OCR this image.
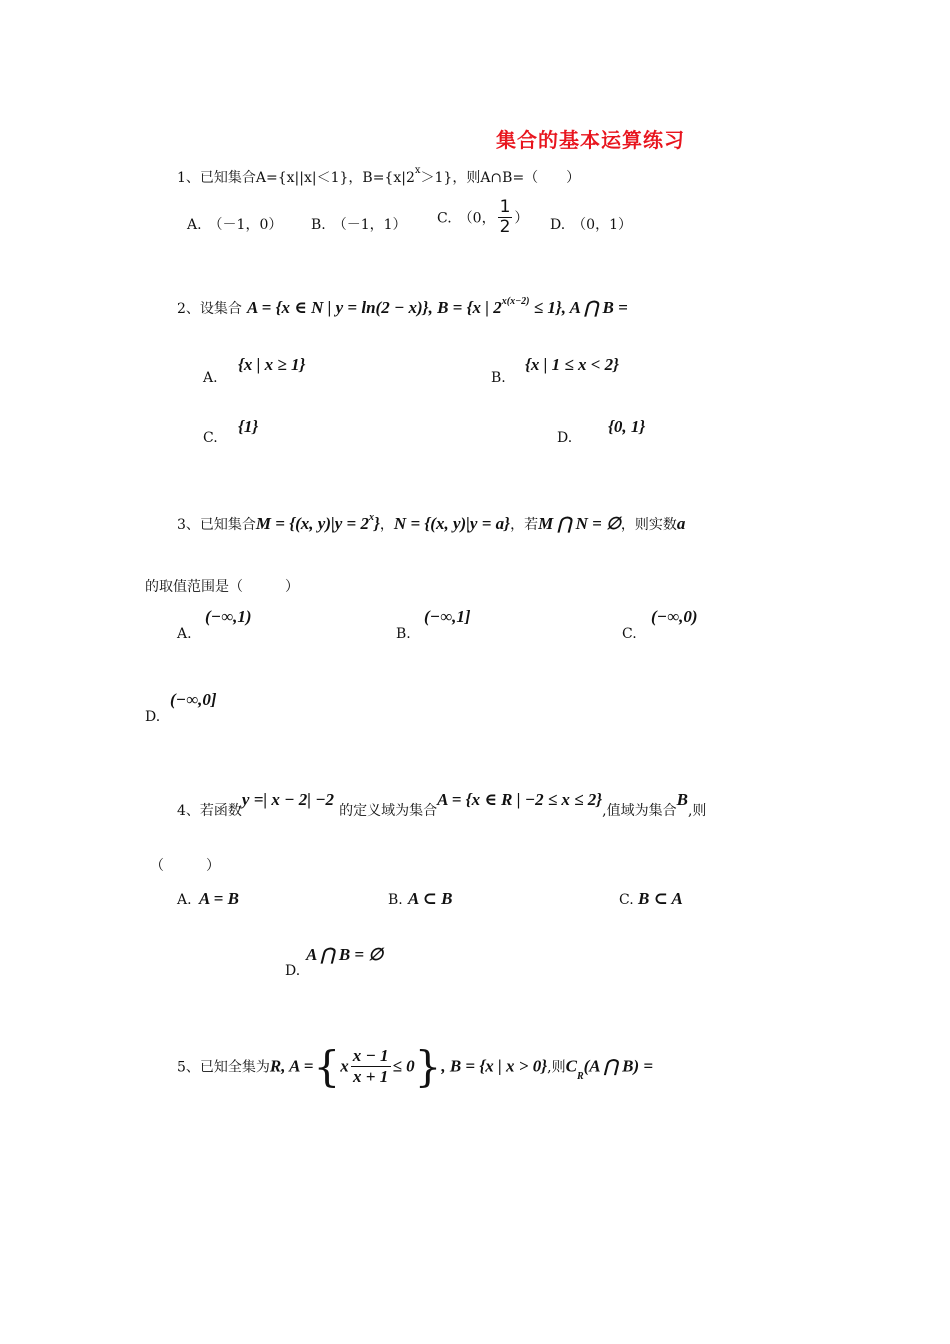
集合的基本运算练习
1、已知集合A={x||x|＜1}，$B=\{x|2^x>1\}$，则A∩B=（　　）
A.　（－1，0） B.　（－1，1） C.　（0， $\frac{1}{2}$ ） D.　（0，1）
2、设集合 A = {x ∈ N | y = ln(2 − x)}, B = {x | $2^{x(x-2)} \le 1$}, A ⋂ B =
A.
{x | x ≥ 1}
B.
{x | 1 ≤ x < 2}
C.
{1}
D.
{0, 1}
3、已知集合M = {(x, $y)|y = 2^x$}，N = {(x, y)|y = a}，若M ⋂ N = ∅，则实数a
的取值范围是（　　　）
A.
(−∞,1)
B.
(−∞,1]
C.
(−∞,0)
(−∞,0]
D.
4、若函数y =| x − 2| −2 的定义域为集合A = {x ∈ R | −2 ≤ x ≤ 2},值域为集合B,则
（　　　）
A. A = B	B. A ⊂ B	C. B ⊂ A
A ⋂ B = ∅
D.
5、已知全集为R, $A =\{x \frac{x - 1}{x + 1} \le 0\}$, B = {x | x > 0},则$C_R(A$ ⋂ B) =
